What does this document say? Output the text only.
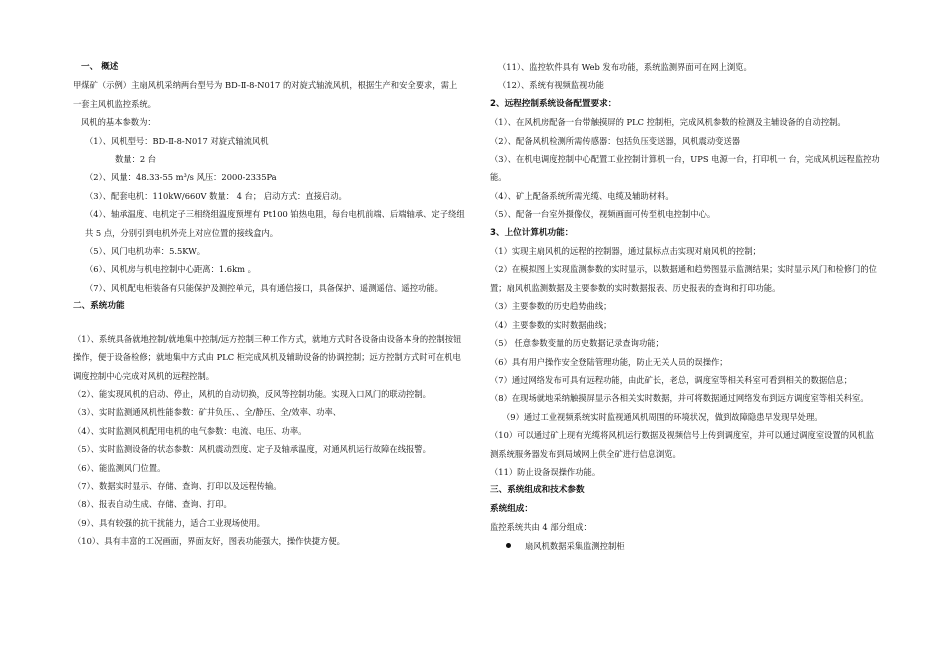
一、 概述
甲煤矿（示例）主扇风机采纳两台型号为 BD-Ⅱ-8-N017 的对旋式轴流风机，根据生产和安全要求，需上一套主风机监控系统。
风机的基本参数为：
（1）、风机型号：BD-Ⅱ-8-N017 对旋式轴流风机
数量：2 台
（2）、风量：48.33-55 m³/s 风压：2000-2335Pa
（3）、配套电机：110kW/660V 数量： 4 台； 启动方式：直接启动。
（4）、轴承温度、电机定子三相绕组温度预埋有 Pt100 铂热电阻，每台电机前端、后端轴承、定子绕组共 5 点，分别引到电机外壳上对应位置的接线盒内。
（5）、风门电机功率：5.5KW。
（6）、风机房与机电控制中心距离：1.6km 。
（7）、风机配电柜装备有只能保护及测控单元，具有通信接口，具备保护、遥测遥信、遥控功能。
二、系统功能
（1）、系统具备就地控制/就地集中控制/远方控制三种工作方式，就地方式时各设备由设备本身的控制按钮操作，便于设备检修；就地集中方式由 PLC 柜完成风机及辅助设备的协调控制；远方控制方式时可在机电调度控制中心完成对风机的远程控制。
（2）、能实现风机的启动、停止，风机的自动切换，反风等控制功能。实现入口风门的联动控制。
（3）、实时监测通风机性能参数：矿井负压、、全/静压、全/效率、功率、
（4）、实时监测风机配用电机的电气参数：电流、电压、功率。
（5）、实时监测设备的状态参数：风机震动烈度、定子及轴承温度，对通风机运行故障在线报警。
（6）、能监测风门位置。
（7）、数据实时显示、存储、查询、打印以及远程传输。
（8）、报表自动生成、存储、查询、打印。
（9）、具有较强的抗干扰能力，适合工业现场使用。
（10）、具有丰富的工况画面，界面友好，图表功能强大，操作快捷方便。
（11）、监控软件具有 Web 发布功能，系统监测界面可在网上浏览。
（12）、系统有视频监视功能
2、远程控制系统设备配置要求：
（1）、在风机房配备一台带触摸屏的 PLC 控制柜，完成风机参数的检测及主辅设备的自动控制。
（2）、配备风机检测所需传感器：包括负压变送器，风机震动变送器
（3）、在机电调度控制中心配置工业控制计算机一台，UPS 电源一台，打印机一 台，完成风机远程监控功能。
（4）、矿上配备系统所需光缆、电缆及辅助材料。
（5）、配备一台室外摄像仪，视频画面可传至机电控制中心。
3、上位计算机功能：
（1）实现主扇风机的远程的控制器，通过鼠标点击实现对扇风机的控制；
（2）在模拟图上实现监测参数的实时显示，以数据通和趋势图显示监测结果；实时显示风门和检修门的位置；扇风机监测数据及主要参数的实时数据报表、历史报表的查询和打印功能。
（3）主要参数的历史趋势曲线；
（4）主要参数的实时数据曲线；
（5） 任意参数变量的历史数据记录查询功能；
（6）具有用户操作安全登陆管理功能，防止无关人员的误操作；
（7）通过网络发布可具有远程功能，由此矿长，老总，调度室等相关科室可看到相关的数据信息；
（8）在现场就地采纳触摸屏显示各相关实时数据，并可将数据通过网络发布到远方调度室等相关科室。
（9）通过工业视频系统实时监视通风机周围的环境状况，做到故障隐患早发现早处理。
（10）可以通过矿上现有光缆将风机运行数据及视频信号上传到调度室，并可以通过调度室设置的风机监测系统服务器发布到局域网上供全矿进行信息浏览。
（11）防止设备误操作功能。
三、系统组成和技术参数
系统组成：
监控系统共由 4 部分组成：
扇风机数据采集监测控制柜
